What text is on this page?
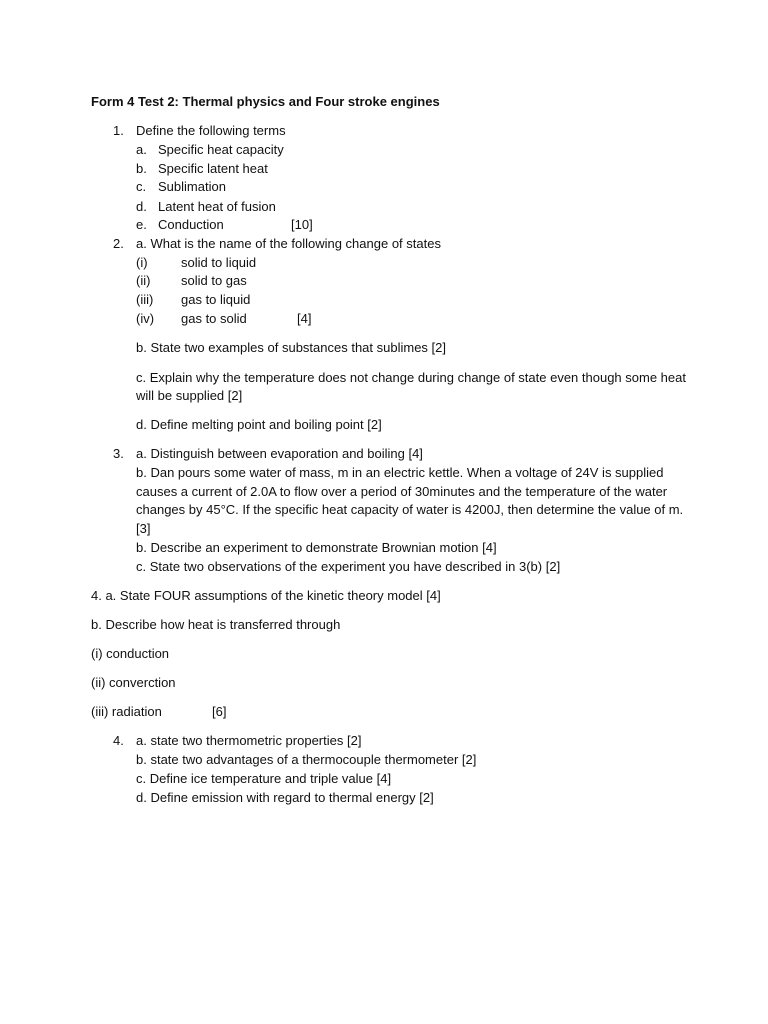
Form 4 Test 2: Thermal physics and Four stroke engines
1. Define the following terms
a. Specific heat capacity
b. Specific latent heat
c. Sublimation
d. Latent heat of fusion
e. Conduction	[10]
2. a. What is the name of the following change of states
(i)	solid to liquid
(ii) solid to gas
(iii) gas to liquid
(iv) gas to solid	[4]
b. State two examples of substances that sublimes [2]
c. Explain why the temperature does not change during change of state even though some heat
will be supplied [2]
d. Define melting point and boiling point [2]
3. a. Distinguish between evaporation and boiling [4]
b. Dan pours some water of mass, m in an electric kettle. When a voltage of 24V is supplied
causes a current of 2.0A to flow over a period of 30minutes and the temperature of the water
changes by 45°C. If the specific heat capacity of water is 4200J, then determine the value of m.
[3]
b. Describe an experiment to demonstrate Brownian motion [4]
c. State two observations of the experiment you have described in 3(b) [2]
4. a. State FOUR assumptions of the kinetic theory model [4]
b. Describe how heat is transferred through
(i) conduction
(ii) converction
(iii) radiation	[6]
4. a. state two thermometric properties [2]
b. state two advantages of a thermocouple thermometer [2]
c. Define ice temperature and triple value [4]
d. Define emission with regard to thermal energy [2]
